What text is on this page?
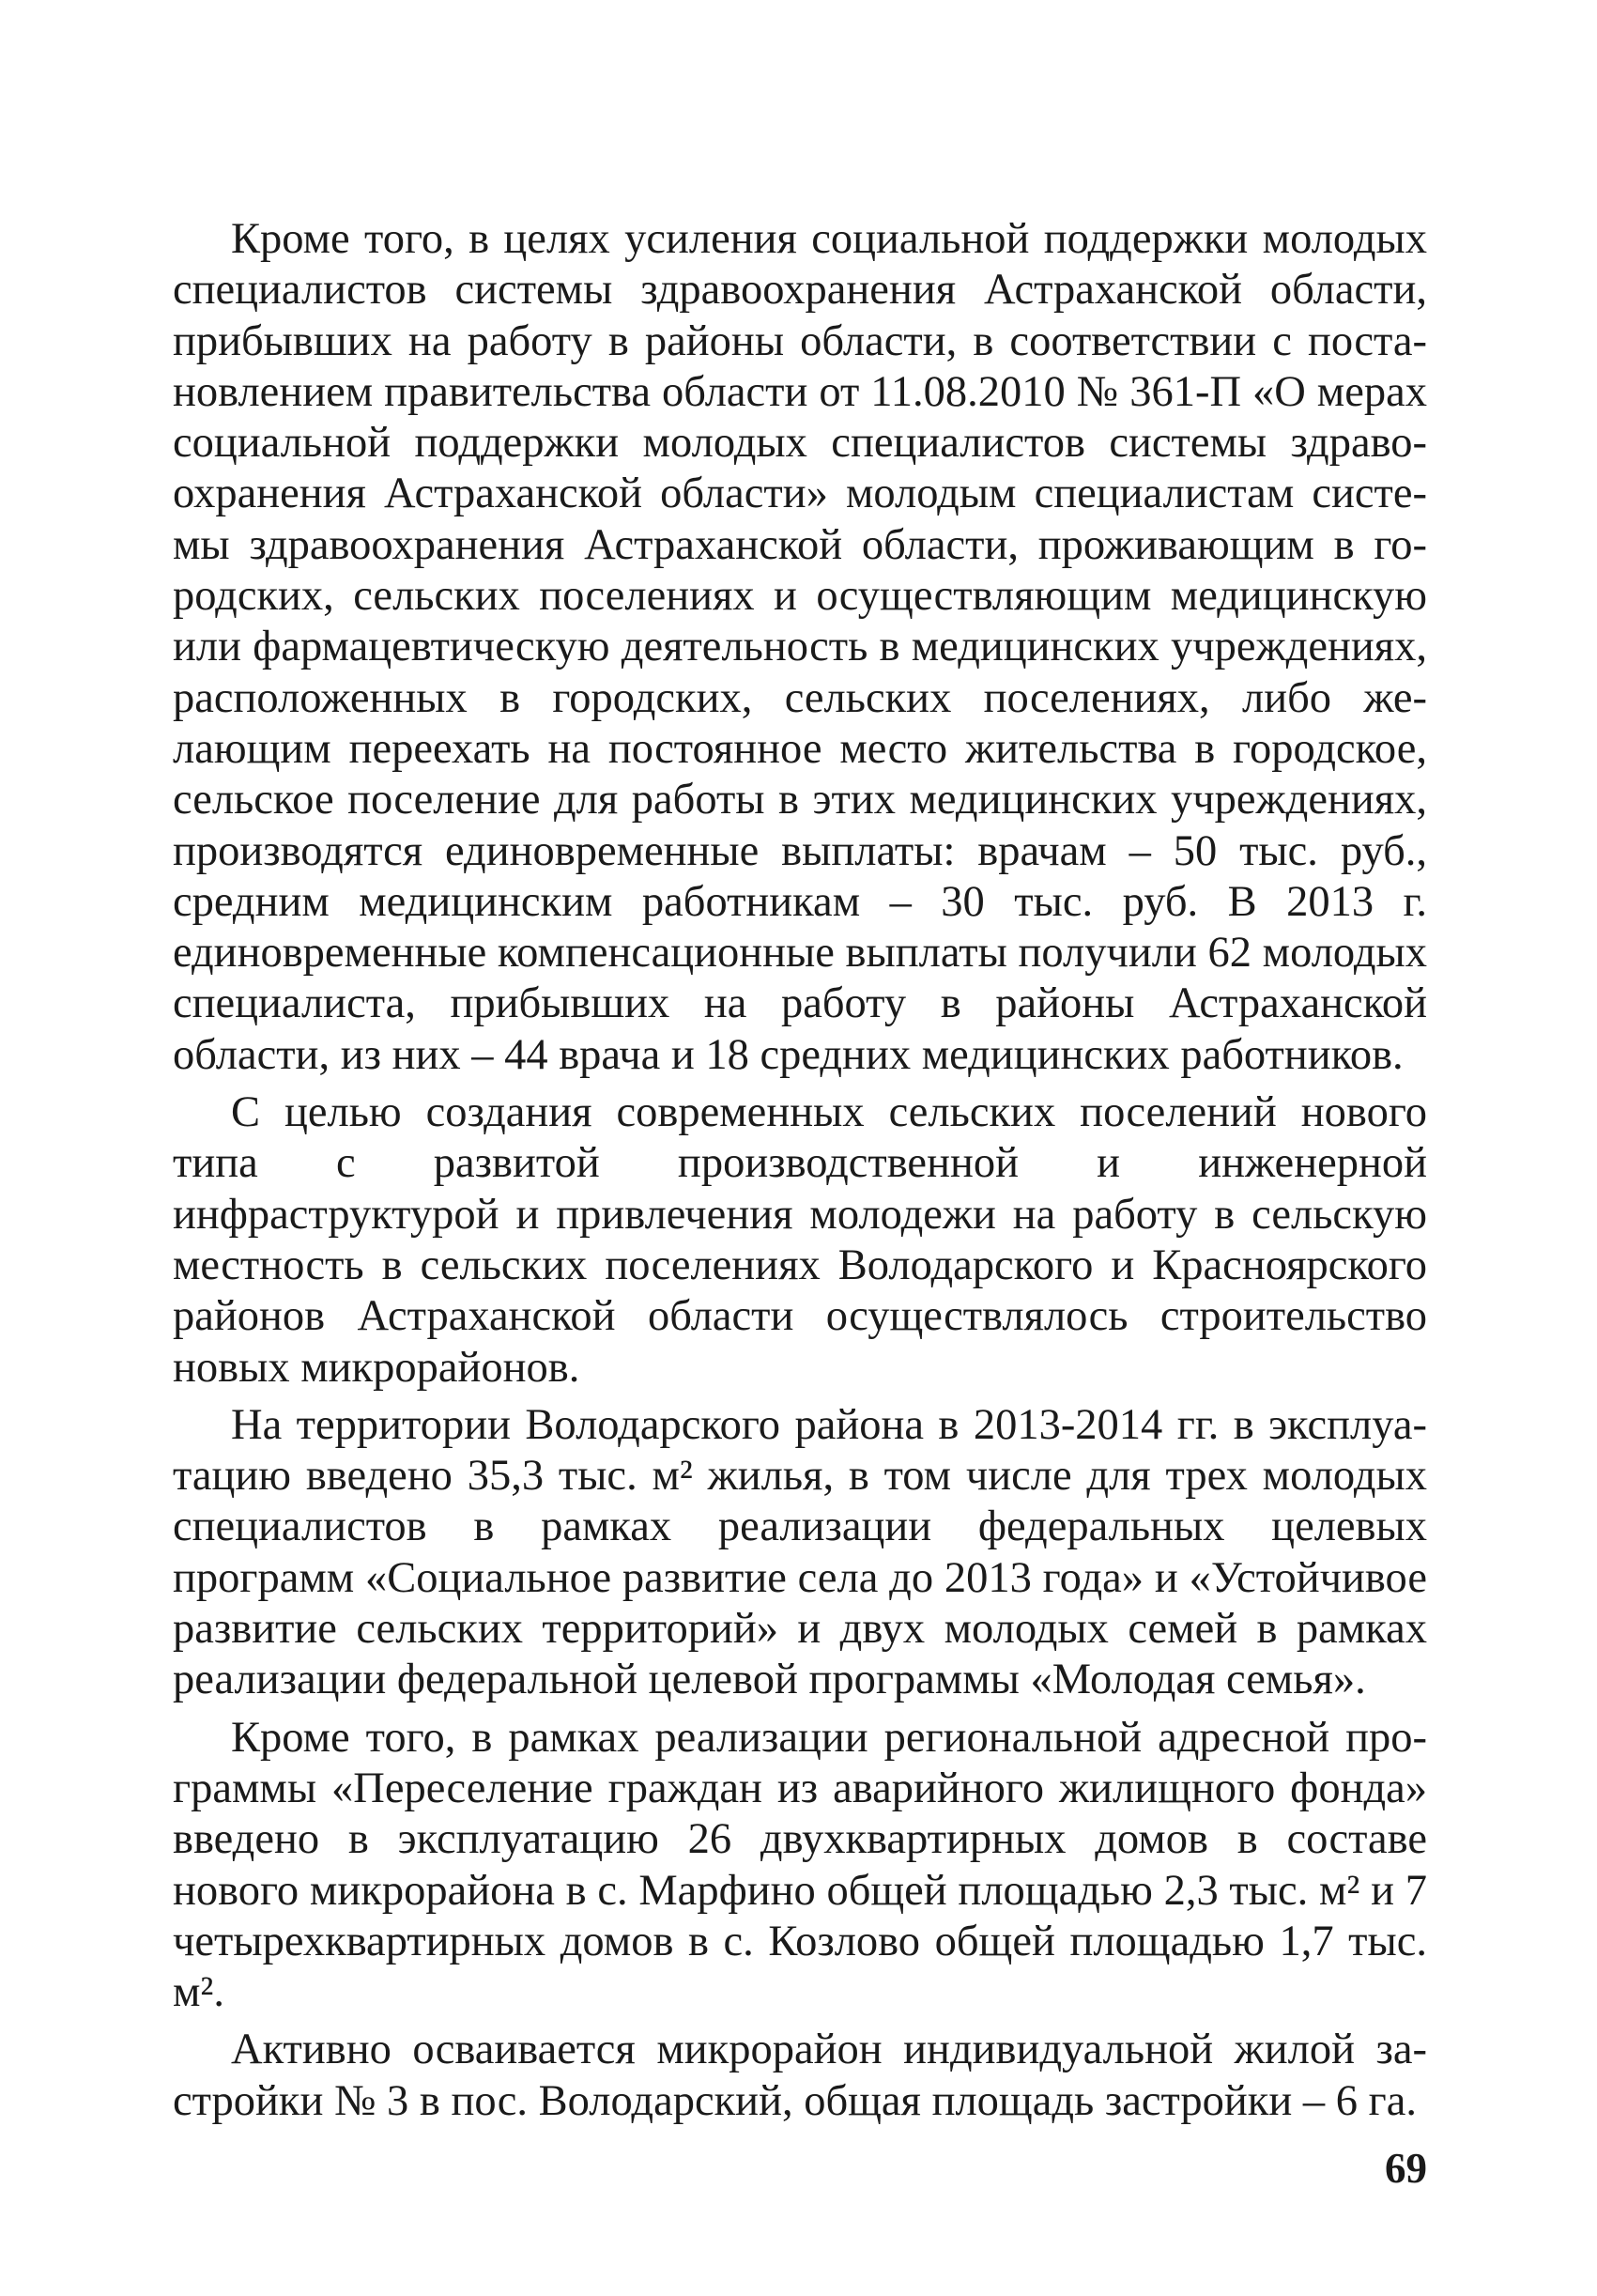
Кроме того, в целях усиления социальной поддержки молодых специалистов системы здравоохранения Астраханской области, прибывших на работу в районы области, в соответствии с постановлением правительства области от 11.08.2010 № 361-П «О мерах социальной поддержки молодых специалистов системы здравоохранения Астраханской области» молодым специалистам системы здравоохранения Астраханской области, проживающим в городских, сельских поселениях и осуществляющим медицинскую или фармацевтическую деятельность в медицинских учреждениях, расположенных в городских, сельских поселениях, либо желающим переехать на постоянное место жительства в городское, сельское поселение для работы в этих медицинских учреждениях, производятся единовременные выплаты: врачам – 50 тыс. руб., средним медицинским работникам – 30 тыс. руб. В 2013 г. единовременные компенсационные выплаты получили 62 молодых специалиста, прибывших на работу в районы Астраханской области, из них – 44 врача и 18 средних медицинских работников.

С целью создания современных сельских поселений нового типа с развитой производственной и инженерной инфраструктурой и привлечения молодежи на работу в сельскую местность в сельских поселениях Володарского и Красноярского районов Астраханской области осуществлялось строительство новых микрорайонов.

На территории Володарского района в 2013-2014 гг. в эксплуатацию введено 35,3 тыс. м² жилья, в том числе для трех молодых специалистов в рамках реализации федеральных целевых программ «Социальное развитие села до 2013 года» и «Устойчивое развитие сельских территорий» и двух молодых семей в рамках реализации федеральной целевой программы «Молодая семья».

Кроме того, в рамках реализации региональной адресной программы «Переселение граждан из аварийного жилищного фонда» введено в эксплуатацию 26 двухквартирных домов в составе нового микрорайона в с. Марфино общей площадью 2,3 тыс. м² и 7 четырехквартирных домов в с. Козлово общей площадью 1,7 тыс. м².

Активно осваивается микрорайон индивидуальной жилой застройки № 3 в пос. Володарский, общая площадь застройки – 6 га.

69
